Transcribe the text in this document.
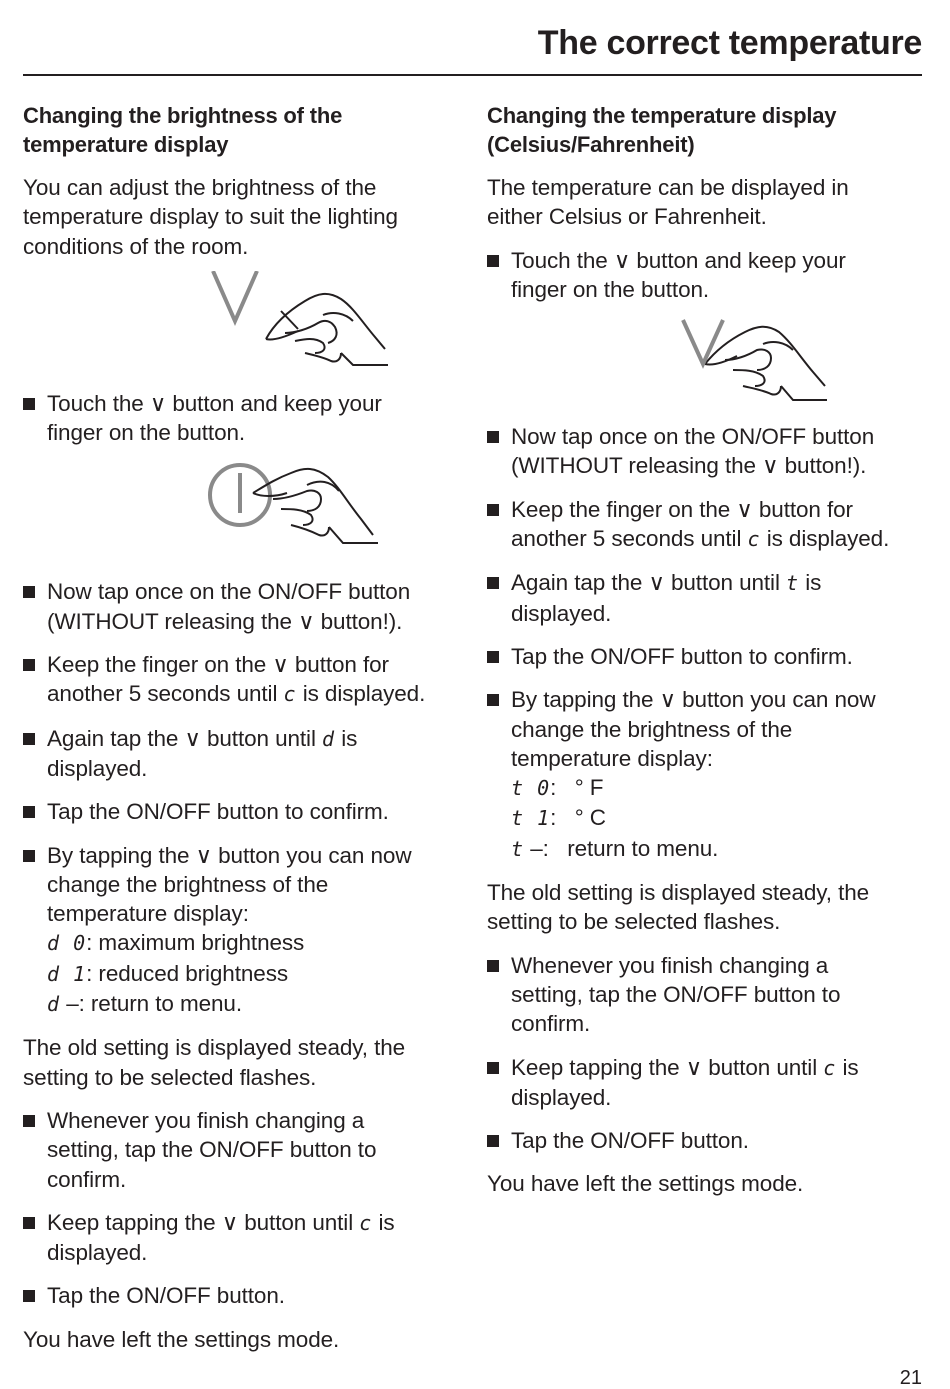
The correct temperature
Changing the brightness of the
temperature display

You can adjust the brightness of the
temperature display to suit the lighting
conditions of the room.

Touch the ∨ button and keep your
finger on the button.
Now tap once on the ON/OFF button
(WITHOUT releasing the ∨ button!).
Keep the finger on the ∨ button for
another 5 seconds until c is displayed.
Again tap the ∨ button until d is
displayed.
Tap the ON/OFF button to confirm.
By tapping the ∨ button you can now
change the brightness of the
temperature display:
d 0: maximum brightness
d 1: reduced brightness
d –: return to menu.

The old setting is displayed steady, the
setting to be selected flashes.

Whenever you finish changing a
setting, tap the ON/OFF button to
confirm.
Keep tapping the ∨ button until c is
displayed.
Tap the ON/OFF button.

You have left the settings mode.

Changing the temperature display
(Celsius/Fahrenheit)

The temperature can be displayed in
either Celsius or Fahrenheit.

Touch the ∨ button and keep your
finger on the button.
Now tap once on the ON/OFF button
(WITHOUT releasing the ∨ button!).
Keep the finger on the ∨ button for
another 5 seconds until c is displayed.
Again tap the ∨ button until t is
displayed.
Tap the ON/OFF button to confirm.
By tapping the ∨ button you can now
change the brightness of the
temperature display:
t 0:   ° F
t 1:   ° C
t –:   return to menu.

The old setting is displayed steady, the
setting to be selected flashes.

Whenever you finish changing a
setting, tap the ON/OFF button to
confirm.
Keep tapping the ∨ button until c is
displayed.
Tap the ON/OFF button.

You have left the settings mode.

21
